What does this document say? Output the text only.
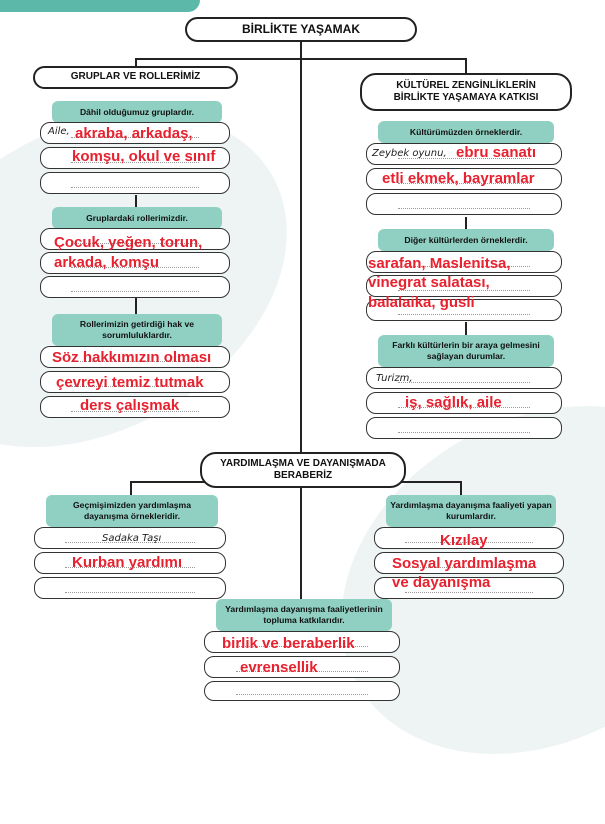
BİRLİKTE YAŞAMAK
GRUPLAR VE ROLLERİMİZ
Dâhil olduğumuz gruplardır.
Aile, akraba, arkadaş,
komşu, okul ve sınıf
Gruplardaki rollerimizdir.
Çocuk, yeğen, torun,
arkada, komşu
Rollerimizin getirdiği hak ve sorumluluklardır.
Söz hakkımızın olması
çevreyi temiz tutmak
ders çalışmak
KÜLTÜREL ZENGİNLİKLERİN BİRLİKTE YAŞAMAYA KATKISI
Kültürümüzden örneklerdir.
Zeybek oyunu, ebru sanatı
etli ekmek, bayramlar
Diğer kültürlerden örneklerdir.
sarafan, Maslenitsa,
vinegrat salatası,
balalaika, gusli
Farklı kültürlerin bir araya gelmesini sağlayan durumlar.
Turizm,
iş, sağlık, aile
YARDIMLAŞMA VE DAYANIŞMADA BERABERİZ
Geçmişimizden yardımlaşma dayanışma örnekleridir.
Sadaka Taşı
Kurban yardımı
Yardımlaşma dayanışma faaliyeti yapan kurumlardır.
Kızılay
Sosyal yardımlaşma
ve dayanışma
Yardımlaşma dayanışma faaliyetlerinin topluma katkılarıdır.
birlik ve beraberlik
evrensellik
